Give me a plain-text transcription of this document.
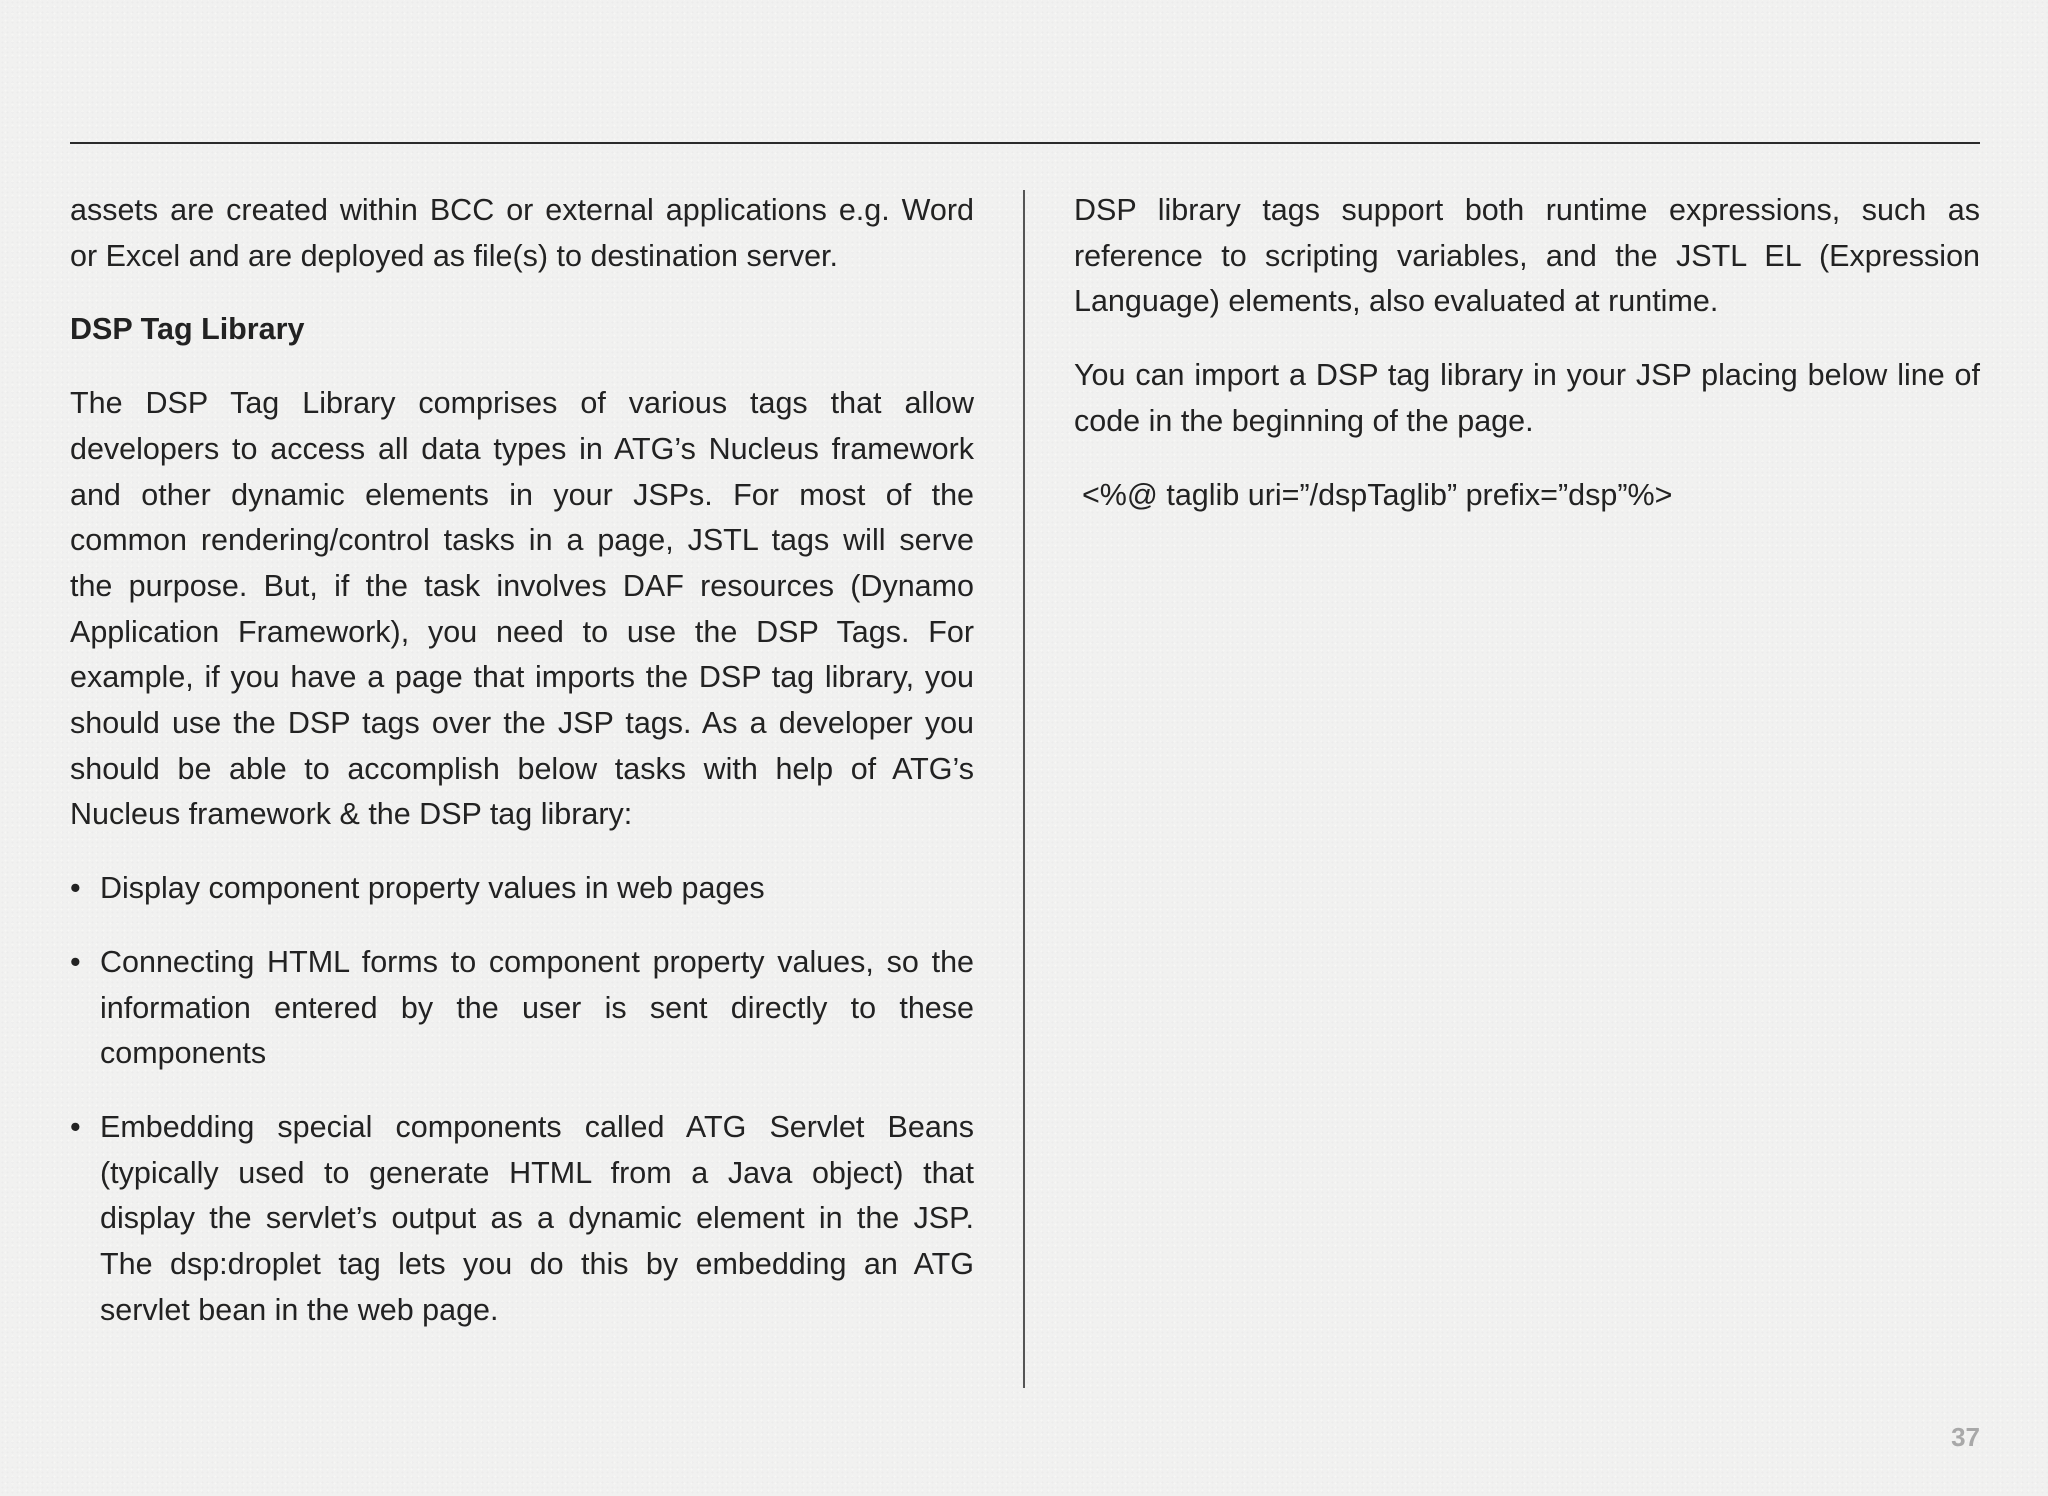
assets are created within BCC or external applications e.g. Word or Excel and are deployed as file(s) to destination server.

DSP Tag Library

The DSP Tag Library comprises of various tags that allow developers to access all data types in ATG’s Nucleus framework and other dynamic elements in your JSPs. For most of the common rendering/control tasks in a page, JSTL tags will serve the purpose. But, if the task involves DAF resources (Dynamo Application Framework), you need to use the DSP Tags. For example, if you have a page that imports the DSP tag library, you should use the DSP tags over the JSP tags. As a developer you should be able to accomplish below tasks with help of ATG’s Nucleus framework & the DSP tag library:

• Display component property values in web pages
• Connecting HTML forms to component property values, so the information entered by the user is sent directly to these components
• Embedding special components called ATG Servlet Beans (typically used to generate HTML from a Java object) that display the servlet’s output as a dynamic element in the JSP. The dsp:droplet tag lets you do this by embedding an ATG servlet bean in the web page.

DSP library tags support both runtime expressions, such as reference to scripting variables, and the JSTL EL (Expression Language) elements, also evaluated at runtime.

You can import a DSP tag library in your JSP placing below line of code in the beginning of the page.

<%@ taglib uri=”/dspTaglib” prefix=”dsp”%>

37
